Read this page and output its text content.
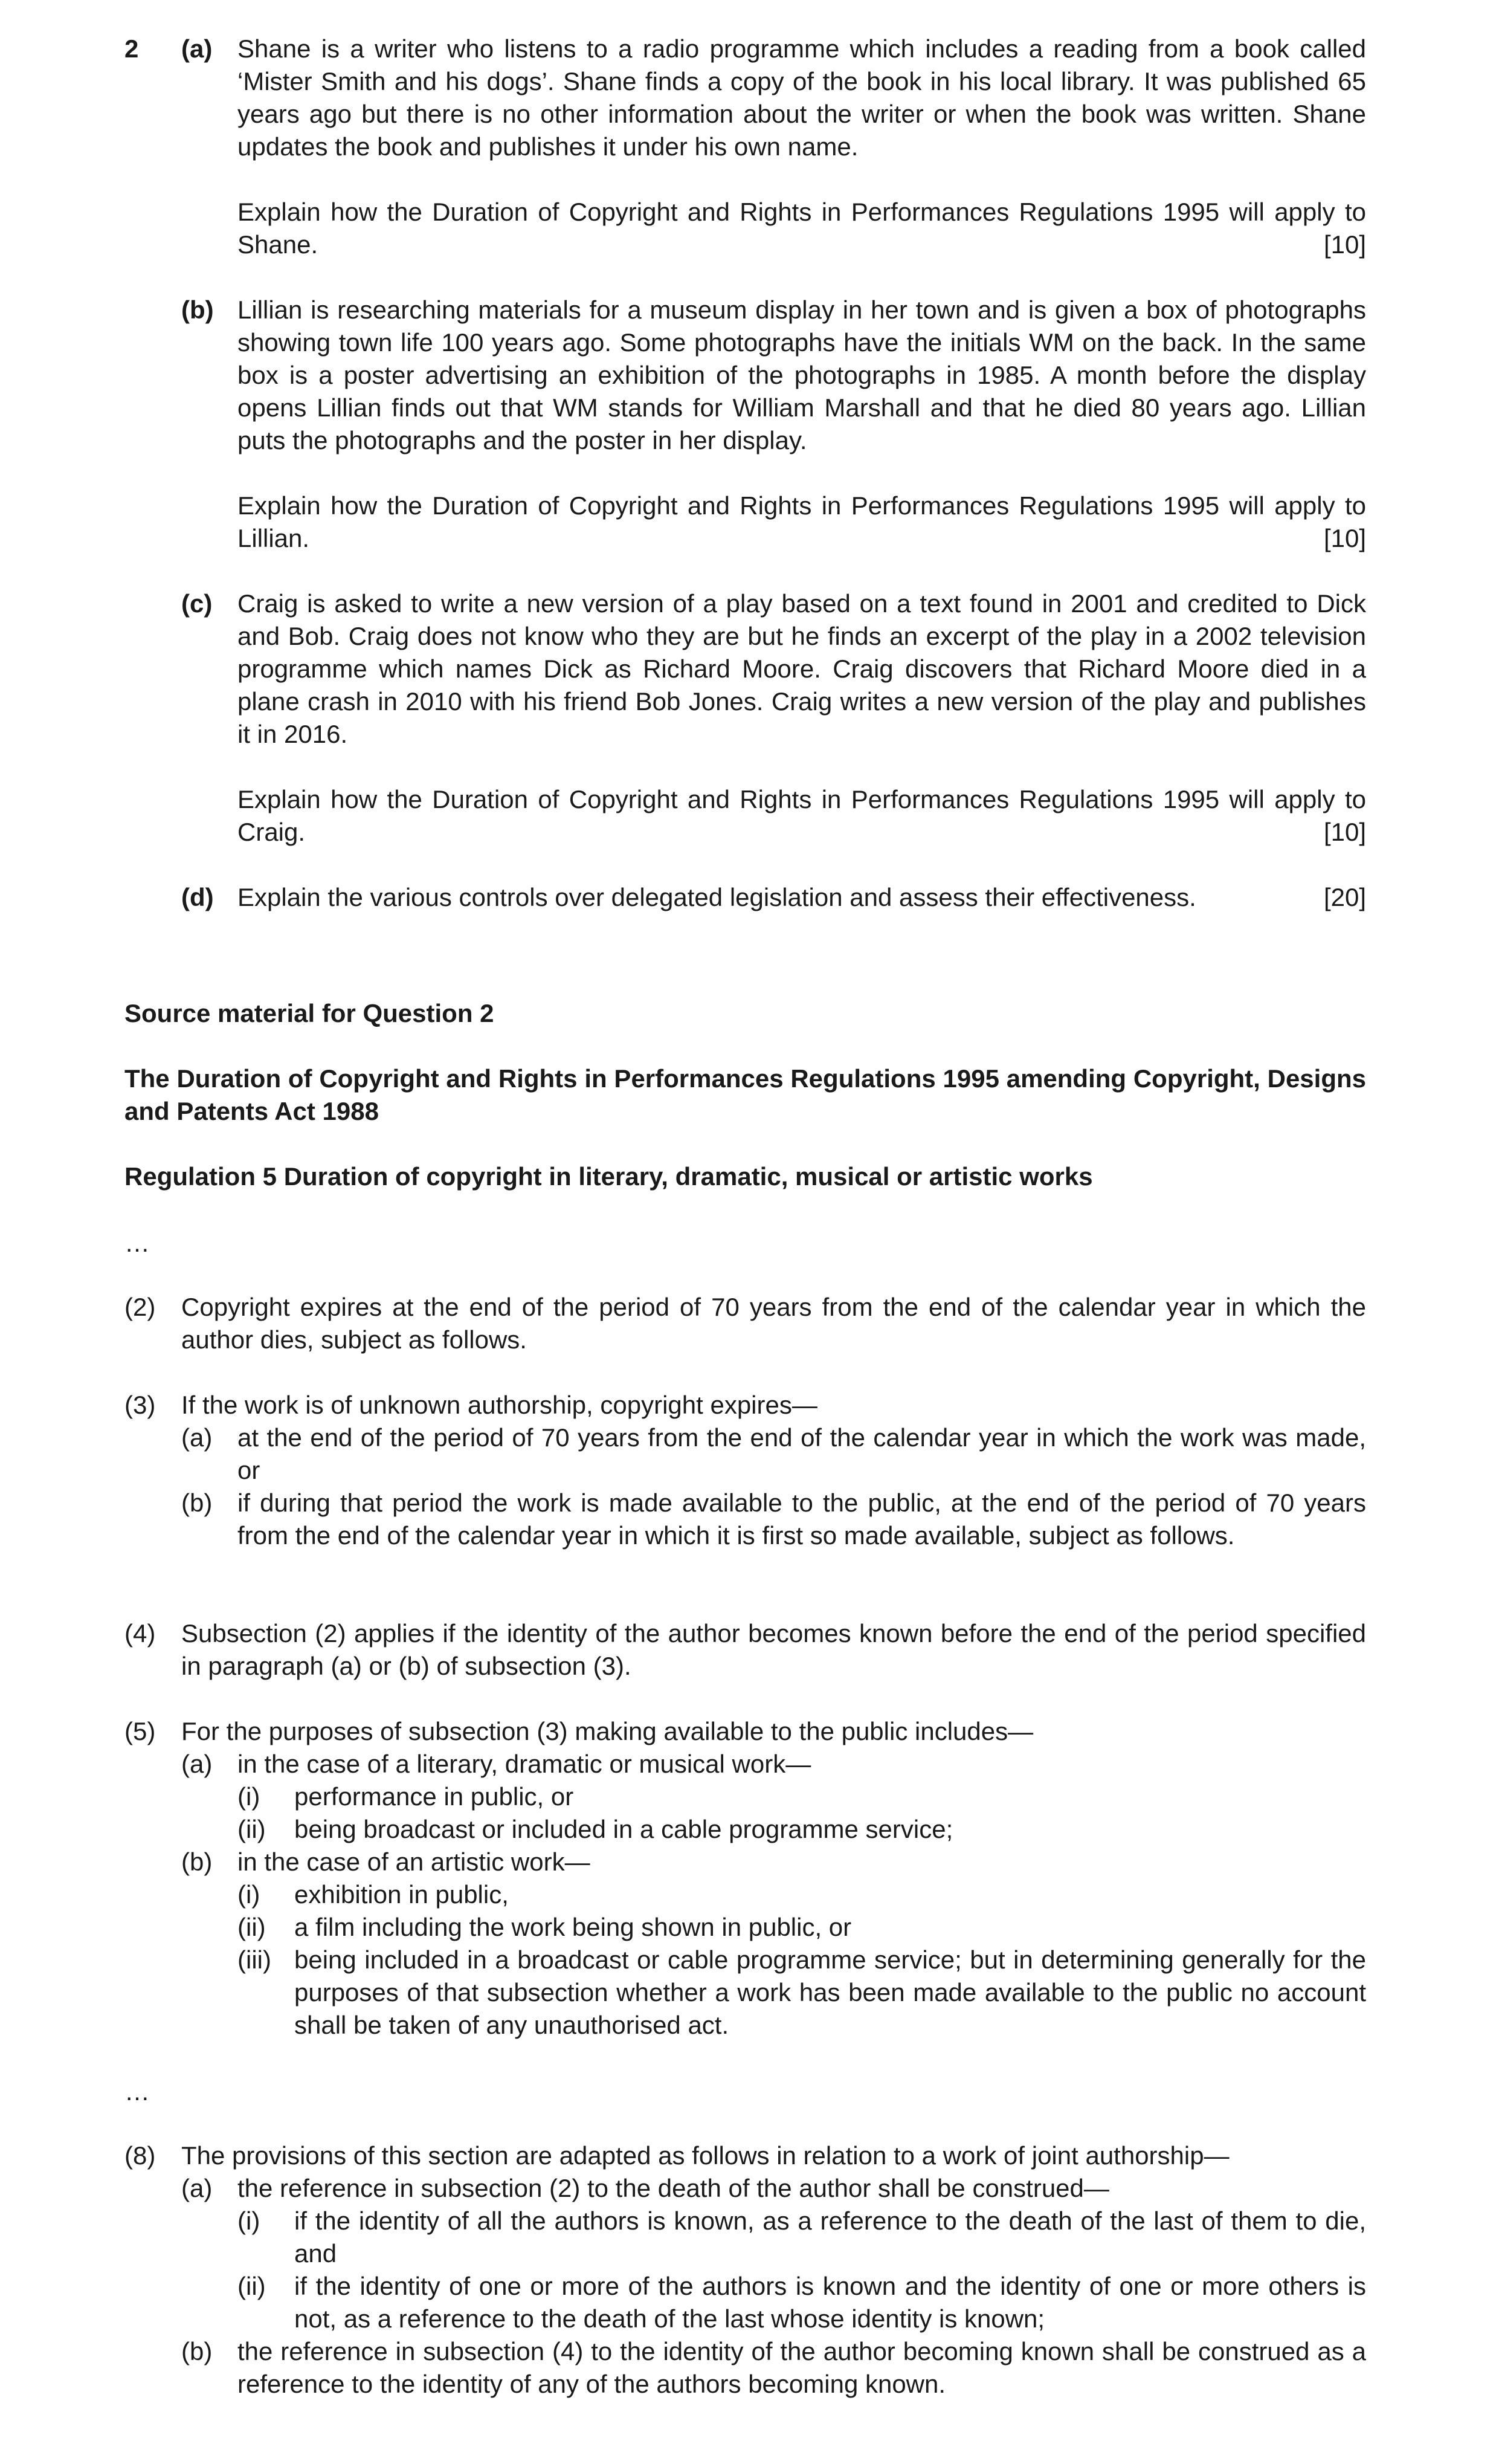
2 (a) Shane is a writer who listens to a radio programme which includes a reading from a book called ‘Mister Smith and his dogs’. Shane finds a copy of the book in his local library. It was published 65 years ago but there is no other information about the writer or when the book was written. Shane updates the book and publishes it under his own name.
Explain how the Duration of Copyright and Rights in Performances Regulations 1995 will apply to Shane.	[10]
(b) Lillian is researching materials for a museum display in her town and is given a box of photographs showing town life 100 years ago. Some photographs have the initials WM on the back. In the same box is a poster advertising an exhibition of the photographs in 1985. A month before the display opens Lillian finds out that WM stands for William Marshall and that he died 80 years ago. Lillian puts the photographs and the poster in her display.
Explain how the Duration of Copyright and Rights in Performances Regulations 1995 will apply to Lillian.	[10]
(c) Craig is asked to write a new version of a play based on a text found in 2001 and credited to Dick and Bob. Craig does not know who they are but he finds an excerpt of the play in a 2002 television programme which names Dick as Richard Moore. Craig discovers that Richard Moore died in a plane crash in 2010 with his friend Bob Jones. Craig writes a new version of the play and publishes it in 2016.
Explain how the Duration of Copyright and Rights in Performances Regulations 1995 will apply to Craig.	[10]
(d) Explain the various controls over delegated legislation and assess their effectiveness.	[20]
Source material for Question 2
The Duration of Copyright and Rights in Performances Regulations 1995 amending Copyright, Designs and Patents Act 1988
Regulation 5 Duration of copyright in literary, dramatic, musical or artistic works
…
(2) Copyright expires at the end of the period of 70 years from the end of the calendar year in which the author dies, subject as follows.
(3) If the work is of unknown authorship, copyright expires—
(a) at the end of the period of 70 years from the end of the calendar year in which the work was made, or
(b) if during that period the work is made available to the public, at the end of the period of 70 years from the end of the calendar year in which it is first so made available, subject as follows.
(4) Subsection (2) applies if the identity of the author becomes known before the end of the period specified in paragraph (a) or (b) of subsection (3).
(5) For the purposes of subsection (3) making available to the public includes—
(a) in the case of a literary, dramatic or musical work—
(i) performance in public, or
(ii) being broadcast or included in a cable programme service;
(b) in the case of an artistic work—
(i) exhibition in public,
(ii) a film including the work being shown in public, or
(iii) being included in a broadcast or cable programme service; but in determining generally for the purposes of that subsection whether a work has been made available to the public no account shall be taken of any unauthorised act.
…
(8) The provisions of this section are adapted as follows in relation to a work of joint authorship—
(a) the reference in subsection (2) to the death of the author shall be construed—
(i) if the identity of all the authors is known, as a reference to the death of the last of them to die, and
(ii) if the identity of one or more of the authors is known and the identity of one or more others is not, as a reference to the death of the last whose identity is known;
(b) the reference in subsection (4) to the identity of the author becoming known shall be construed as a reference to the identity of any of the authors becoming known.
